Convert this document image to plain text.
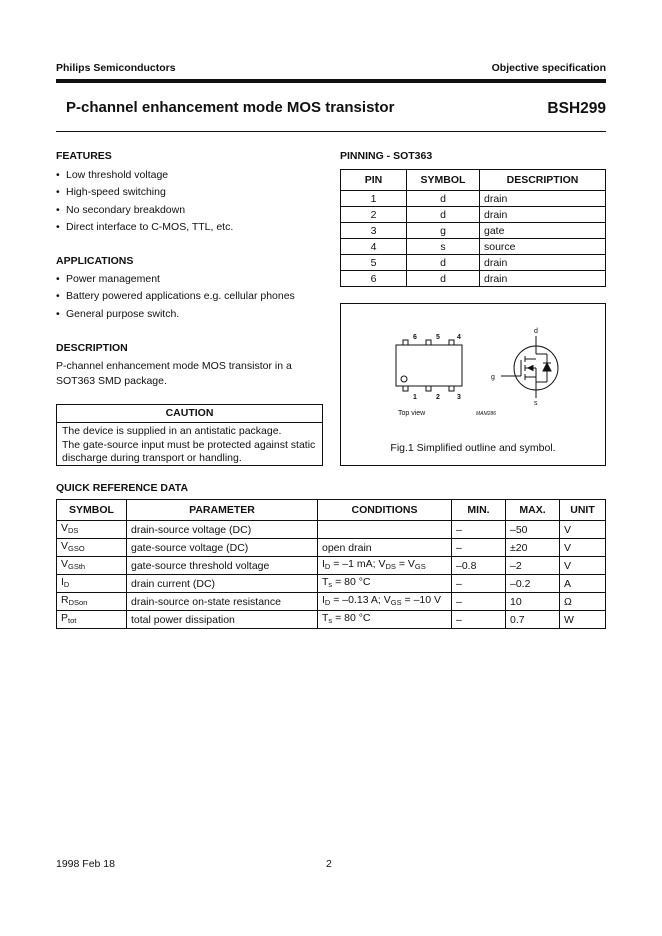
Philips Semiconductors	Objective specification
P-channel enhancement mode MOS transistor	BSH299
FEATURES
• Low threshold voltage
• High-speed switching
• No secondary breakdown
• Direct interface to C-MOS, TTL, etc.
APPLICATIONS
• Power management
• Battery powered applications e.g. cellular phones
• General purpose switch.
DESCRIPTION
P-channel enhancement mode MOS transistor in a
SOT363 SMD package.
CAUTION
The device is supplied in an antistatic package.
The gate-source input must be protected against static
discharge during transport or handling.
PINNING - SOT363
PIN	SYMBOL	DESCRIPTION
1	d	drain
2	d	drain
3	g	gate
4	s	source
5	d	drain
6	d	drain
6	5 4
1	2 3
Top view	MAM286
d
g
s
Fig.1 Simplified outline and symbol.
QUICK REFERENCE DATA
SYMBOL	PARAMETER	CONDITIONS	MIN.	MAX.	UNIT
$V_{DS}$	drain-source voltage (DC)		–	–50	V
$V_{GSO}$	gate-source voltage (DC)	open drain	–	±20	V
$V_{GSth}$	gate-source threshold voltage	$I_D = -1$ mA; $V_{DS} = V_{GS}$	–0.8	–2	V
$I_D$	drain current (DC)	$T_s = 80$ °C	–	–0.2	A
$R_{DSon}$	drain-source on-state resistance	$I_D = -0.13$ A; $V_{GS} = -10$ V	–	10	Ω
$P_{tot}$	total power dissipation	$T_s = 80$ °C	–	0.7	W
1998 Feb 18	2
